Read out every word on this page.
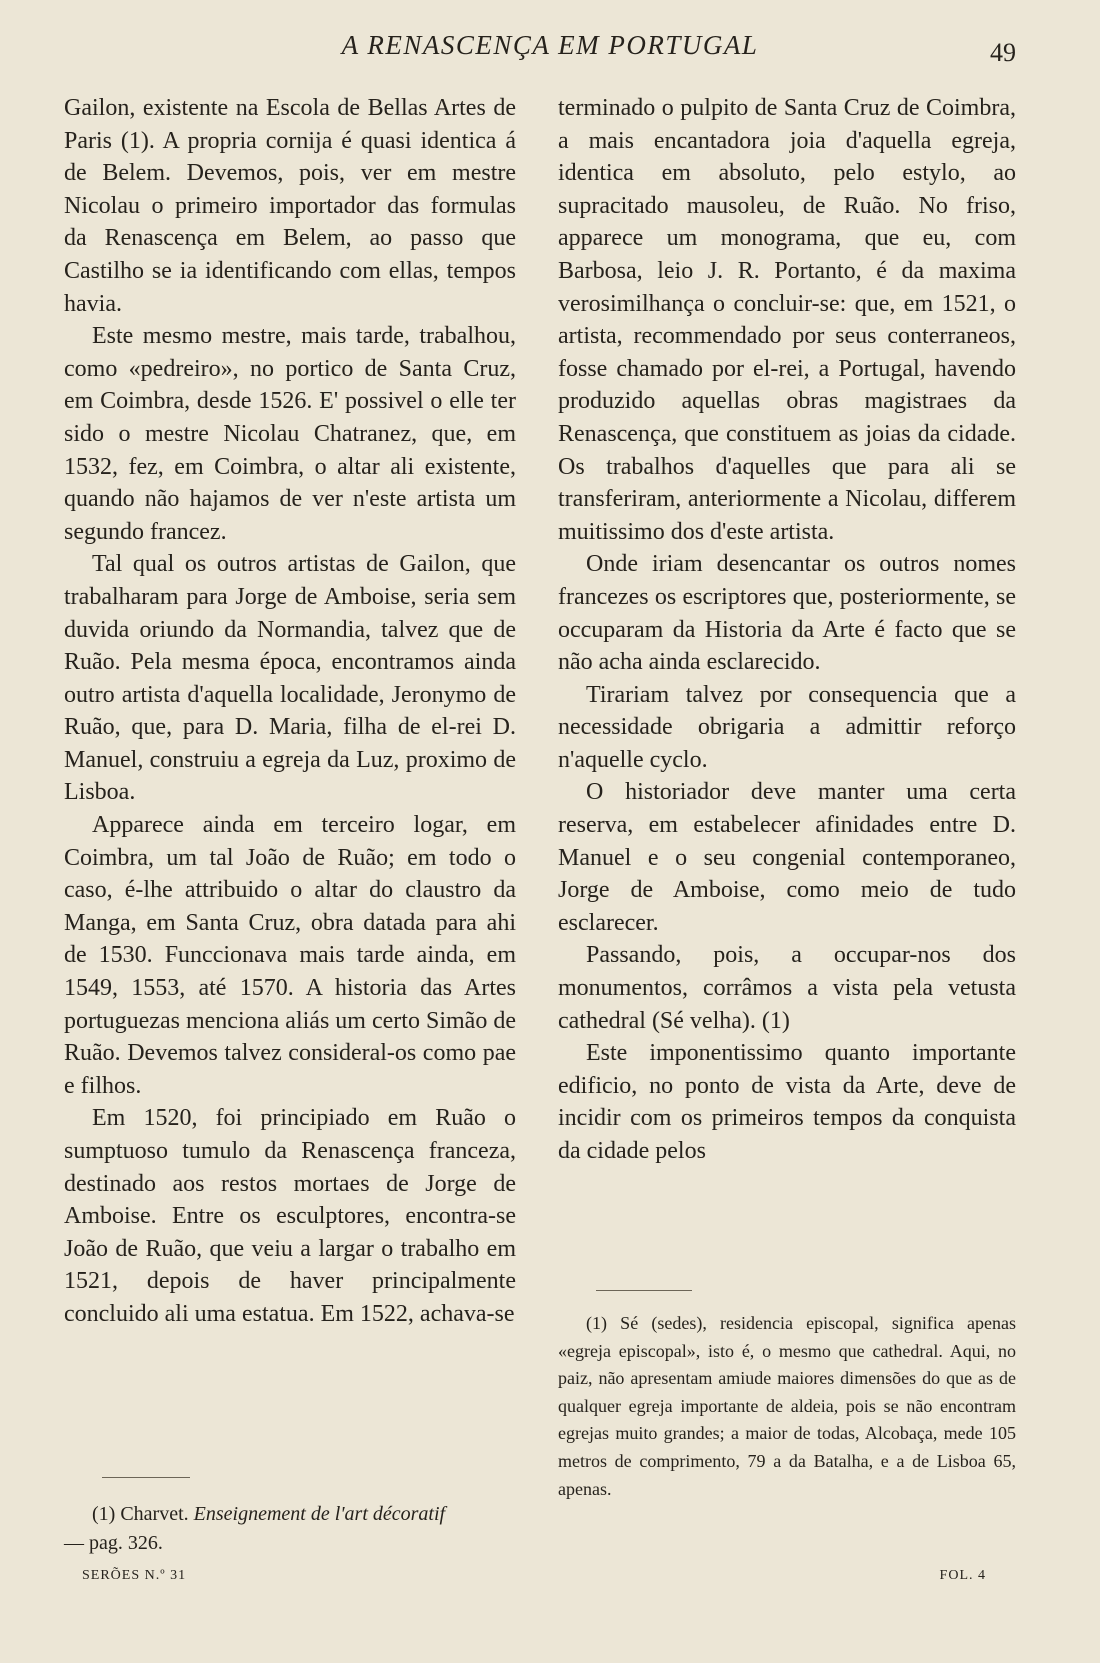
A RENASCENÇA EM PORTUGAL	49

Gailon, existente na Escola de Bellas Artes de Paris (1). A propria cornija é quasi identica á de Belem. Devemos, pois, ver em mestre Nicolau o primeiro importador das formulas da Renascença em Belem, ao passo que Castilho se ia identificando com ellas, tempos havia.

Este mesmo mestre, mais tarde, trabalhou, como «pedreiro», no portico de Santa Cruz, em Coimbra, desde 1526. E' possivel o elle ter sido o mestre Nicolau Chatranez, que, em 1532, fez, em Coimbra, o altar ali existente, quando não hajamos de ver n'este artista um segundo francez.

Tal qual os outros artistas de Gailon, que trabalharam para Jorge de Amboise, seria sem duvida oriundo da Normandia, talvez que de Ruão. Pela mesma época, encontramos ainda outro artista d'aquella localidade, Jeronymo de Ruão, que, para D. Maria, filha de el-rei D. Manuel, construiu a egreja da Luz, proximo de Lisboa.

Apparece ainda em terceiro logar, em Coimbra, um tal João de Ruão; em todo o caso, é-lhe attribuido o altar do claustro da Manga, em Santa Cruz, obra datada para ahi de 1530. Funccionava mais tarde ainda, em 1549, 1553, até 1570. A historia das Artes portuguezas menciona aliás um certo Simão de Ruão. Devemos talvez consideral-os como pae e filhos.

Em 1520, foi principiado em Ruão o sumptuoso tumulo da Renascença franceza, destinado aos restos mortaes de Jorge de Amboise. Entre os esculptores, encontra-se João de Ruão, que veiu a largar o trabalho em 1521, depois de haver principalmente concluido ali uma estatua. Em 1522, achava-se

terminado o pulpito de Santa Cruz de Coimbra, a mais encantadora joia d'aquella egreja, identica em absoluto, pelo estylo, ao supracitado mausoleu, de Ruão. No friso, apparece um monograma, que eu, com Barbosa, leio J. R. Portanto, é da maxima verosimilhança o concluir-se: que, em 1521, o artista, recommendado por seus conterraneos, fosse chamado por el-rei, a Portugal, havendo produzido aquellas obras magistraes da Renascença, que constituem as joias da cidade. Os trabalhos d'aquelles que para ali se transferiram, anteriormente a Nicolau, differem muitissimo dos d'este artista.

Onde iriam desencantar os outros nomes francezes os escriptores que, posteriormente, se occuparam da Historia da Arte é facto que se não acha ainda esclarecido.

Tirariam talvez por consequencia que a necessidade obrigaria a admittir reforço n'aquelle cyclo.

O historiador deve manter uma certa reserva, em estabelecer afinidades entre D. Manuel e o seu congenial contemporaneo, Jorge de Amboise, como meio de tudo esclarecer.

Passando, pois, a occupar-nos dos monumentos, corrâmos a vista pela vetusta cathedral (Sé velha). (1)

Este imponentissimo quanto importante edificio, no ponto de vista da Arte, deve de incidir com os primeiros tempos da conquista da cidade pelos

(1) Sé (sedes), residencia episcopal, significa apenas «egreja episcopal», isto é, o mesmo que cathedral. Aqui, no paiz, não apresentam amiude maiores dimensões do que as de qualquer egreja importante de aldeia, pois se não encontram egrejas muito grandes; a maior de todas, Alcobaça, mede 105 metros de comprimento, 79 a da Batalha, e a de Lisboa 65, apenas.
(1) Charvet. Enseignement de l'art décoratif
— pag. 326.
SERÕES N.º 31	FOL. 4
